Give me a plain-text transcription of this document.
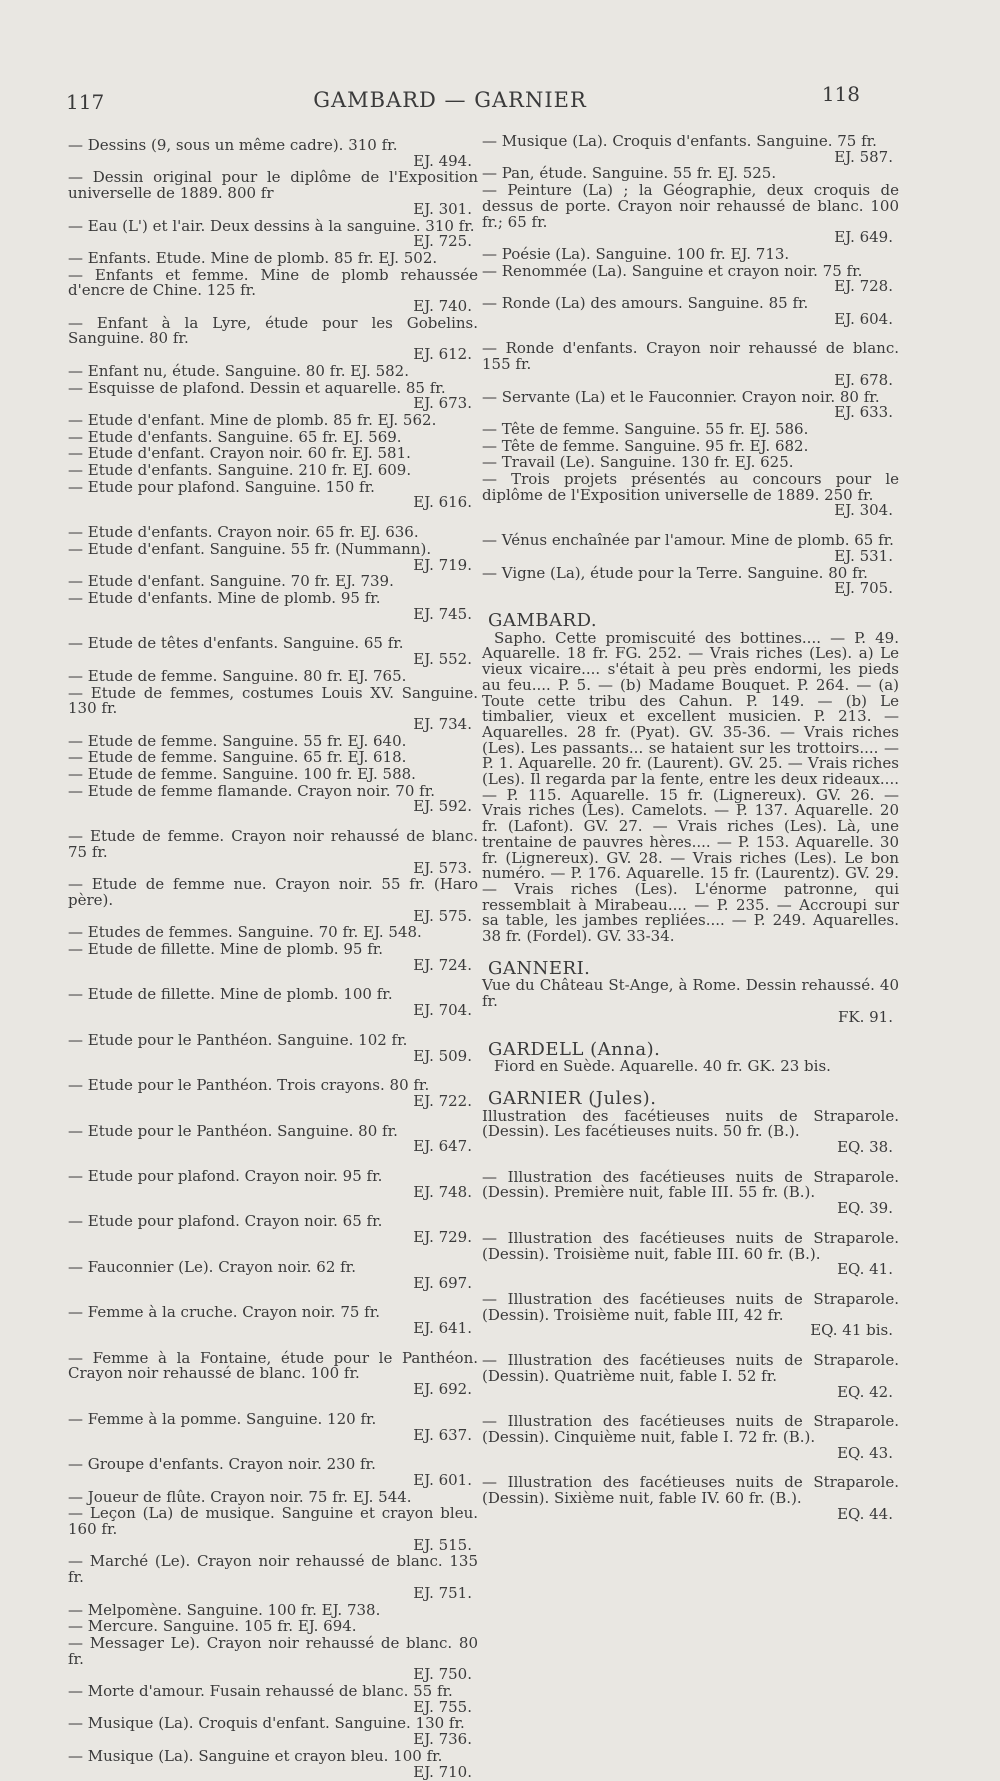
117	GAMBARD — GARNIER	118
— Dessins (9, sous un même cadre). 310 fr.
EJ. 494.
— Dessin original pour le diplôme de l'Exposition universelle de 1889. 800 fr
EJ. 301.
— Eau (L') et l'air. Deux dessins à la sanguine. 310 fr.
EJ. 725.
— Enfants. Etude. Mine de plomb. 85 fr. EJ. 502.
— Enfants et femme. Mine de plomb rehaussée d'encre de Chine. 125 fr.
EJ. 740.
— Enfant à la Lyre, étude pour les Gobelins. Sanguine. 80 fr.
EJ. 612.
— Enfant nu, étude. Sanguine. 80 fr. EJ. 582.
— Esquisse de plafond. Dessin et aquarelle. 85 fr.
EJ. 673.
— Etude d'enfant. Mine de plomb. 85 fr. EJ. 562.
— Etude d'enfants. Sanguine. 65 fr. EJ. 569.
— Etude d'enfant. Crayon noir. 60 fr. EJ. 581.
— Etude d'enfants. Sanguine. 210 fr. EJ. 609.
— Etude pour plafond. Sanguine. 150 fr.
EJ. 616.
— Etude d'enfants. Crayon noir. 65 fr. EJ. 636.
— Etude d'enfant. Sanguine. 55 fr. (Nummann).
EJ. 719.
— Etude d'enfant. Sanguine. 70 fr. EJ. 739.
— Etude d'enfants. Mine de plomb. 95 fr.
EJ. 745.
— Etude de têtes d'enfants. Sanguine. 65 fr.
EJ. 552.
— Etude de femme. Sanguine. 80 fr. EJ. 765.
— Etude de femmes, costumes Louis XV. Sanguine. 130 fr.
EJ. 734.
— Etude de femme. Sanguine. 55 fr. EJ. 640.
— Etude de femme. Sanguine. 65 fr. EJ. 618.
— Etude de femme. Sanguine. 100 fr. EJ. 588.
— Etude de femme flamande. Crayon noir. 70 fr.
EJ. 592.
— Etude de femme. Crayon noir rehaussé de blanc. 75 fr.
EJ. 573.
— Etude de femme nue. Crayon noir. 55 fr. (Haro père).
EJ. 575.
— Etudes de femmes. Sanguine. 70 fr. EJ. 548.
— Etude de fillette. Mine de plomb. 95 fr.
EJ. 724.
— Etude de fillette. Mine de plomb. 100 fr.
EJ. 704.
— Etude pour le Panthéon. Sanguine. 102 fr.
EJ. 509.
— Etude pour le Panthéon. Trois crayons. 80 fr.
EJ. 722.
— Etude pour le Panthéon. Sanguine. 80 fr.
EJ. 647.
— Etude pour plafond. Crayon noir. 95 fr.
EJ. 748.
— Etude pour plafond. Crayon noir. 65 fr.
EJ. 729.
— Fauconnier (Le). Crayon noir. 62 fr.
EJ. 697.
— Femme à la cruche. Crayon noir. 75 fr.
EJ. 641.
— Femme à la Fontaine, étude pour le Panthéon. Crayon noir rehaussé de blanc. 100 fr.
EJ. 692.
— Femme à la pomme. Sanguine. 120 fr.
EJ. 637.
— Groupe d'enfants. Crayon noir. 230 fr.
EJ. 601.
— Joueur de flûte. Crayon noir. 75 fr. EJ. 544.
— Leçon (La) de musique. Sanguine et crayon bleu. 160 fr.
EJ. 515.
— Marché (Le). Crayon noir rehaussé de blanc. 135 fr.
EJ. 751.
— Melpomène. Sanguine. 100 fr. EJ. 738.
— Mercure. Sanguine. 105 fr. EJ. 694.
— Messager Le). Crayon noir rehaussé de blanc. 80 fr.
EJ. 750.
— Morte d'amour. Fusain rehaussé de blanc. 55 fr.
EJ. 755.
— Musique (La). Croquis d'enfant. Sanguine. 130 fr.
EJ. 736.
— Musique (La). Sanguine et crayon bleu. 100 fr.
EJ. 710.
— Musique (La). Croquis d'enfants. Sanguine. 75 fr.
EJ. 587.
— Pan, étude. Sanguine. 55 fr. EJ. 525.
— Peinture (La) ; la Géographie, deux croquis de dessus de porte. Crayon noir rehaussé de blanc. 100 fr.; 65 fr.
EJ. 649.
— Poésie (La). Sanguine. 100 fr. EJ. 713.
— Renommée (La). Sanguine et crayon noir. 75 fr.
EJ. 728.
— Ronde (La) des amours. Sanguine. 85 fr.
EJ. 604.
— Ronde d'enfants. Crayon noir rehaussé de blanc. 155 fr.
EJ. 678.
— Servante (La) et le Fauconnier. Crayon noir. 80 fr.
EJ. 633.
— Tête de femme. Sanguine. 55 fr. EJ. 586.
— Tête de femme. Sanguine. 95 fr. EJ. 682.
— Travail (Le). Sanguine. 130 fr. EJ. 625.
— Trois projets présentés au concours pour le diplôme de l'Exposition universelle de 1889. 250 fr.
EJ. 304.
— Vénus enchaînée par l'amour. Mine de plomb. 65 fr.
EJ. 531.
— Vigne (La), étude pour la Terre. Sanguine. 80 fr.
EJ. 705.
GAMBARD.

Sapho. Cette promiscuité des bottines.... — P. 49. Aquarelle. 18 fr. FG. 252. — Vrais riches (Les). a) Le vieux vicaire.... s'était à peu près endormi, les pieds au feu.... P. 5. — (b) Madame Bouquet. P. 264. — (a) Toute cette tribu des Cahun. P. 149. — (b) Le timbalier, vieux et excellent musicien. P. 213. — Aquarelles. 28 fr. (Pyat). GV. 35-36. — Vrais riches (Les). Les passants... se hataient sur les trottoirs.... — P. 1. Aquarelle. 20 fr. (Laurent). GV. 25. — Vrais riches (Les). Il regarda par la fente, entre les deux rideaux.... — P. 115. Aquarelle. 15 fr. (Lignereux). GV. 26. — Vrais riches (Les). Camelots. — P. 137. Aquarelle. 20 fr. (Lafont). GV. 27. — Vrais riches (Les). Là, une trentaine de pauvres hères.... — P. 153. Aquarelle. 30 fr. (Lignereux). GV. 28. — Vrais riches (Les). Le bon numéro. — P. 176. Aquarelle. 15 fr. (Laurentz). GV. 29. — Vrais riches (Les). L'énorme patronne, qui ressemblait à Mirabeau.... — P. 235. — Accroupi sur sa table, les jambes repliées.... — P. 249. Aquarelles. 38 fr. (Fordel). GV. 33-34.

GANNERI.
Vue du Château St-Ange, à Rome. Dessin rehaussé. 40 fr.
FK. 91.
GARDELL (Anna).

Fiord en Suède. Aquarelle. 40 fr. GK. 23 bis.

GARNIER (Jules).
Illustration des facétieuses nuits de Straparole. (Dessin). Les facétieuses nuits. 50 fr. (B.).
EQ. 38.
— Illustration des facétieuses nuits de Straparole. (Dessin). Première nuit, fable III. 55 fr. (B.).
EQ. 39.
— Illustration des facétieuses nuits de Straparole. (Dessin). Troisième nuit, fable III. 60 fr. (B.).
EQ. 41.
— Illustration des facétieuses nuits de Straparole. (Dessin). Troisième nuit, fable III, 42 fr.
EQ. 41 bis.
— Illustration des facétieuses nuits de Straparole. (Dessin). Quatrième nuit, fable I. 52 fr.
EQ. 42.
— Illustration des facétieuses nuits de Straparole. (Dessin). Cinquième nuit, fable I. 72 fr. (B.).
EQ. 43.
— Illustration des facétieuses nuits de Straparole. (Dessin). Sixième nuit, fable IV. 60 fr. (B.).
EQ. 44.
